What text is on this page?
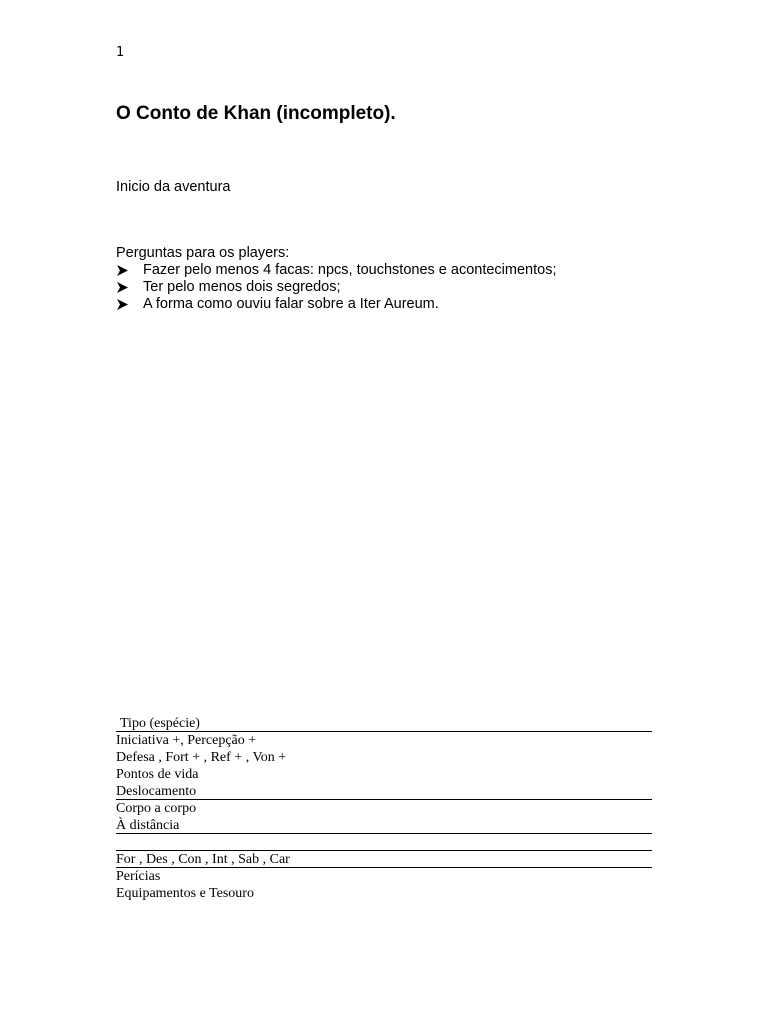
1
O Conto de Khan (incompleto).
Inicio da aventura
Perguntas para os players:
Fazer pelo menos 4 facas: npcs, touchstones e acontecimentos;
Ter pelo menos dois segredos;
A forma como ouviu falar sobre a Iter Aureum.
Tipo (espécie)
Iniciativa +, Percepção +
Defesa , Fort + , Ref + , Von +
Pontos de vida
Deslocamento
Corpo a corpo
À distância
For , Des , Con , Int , Sab , Car
Perícias
Equipamentos e Tesouro
